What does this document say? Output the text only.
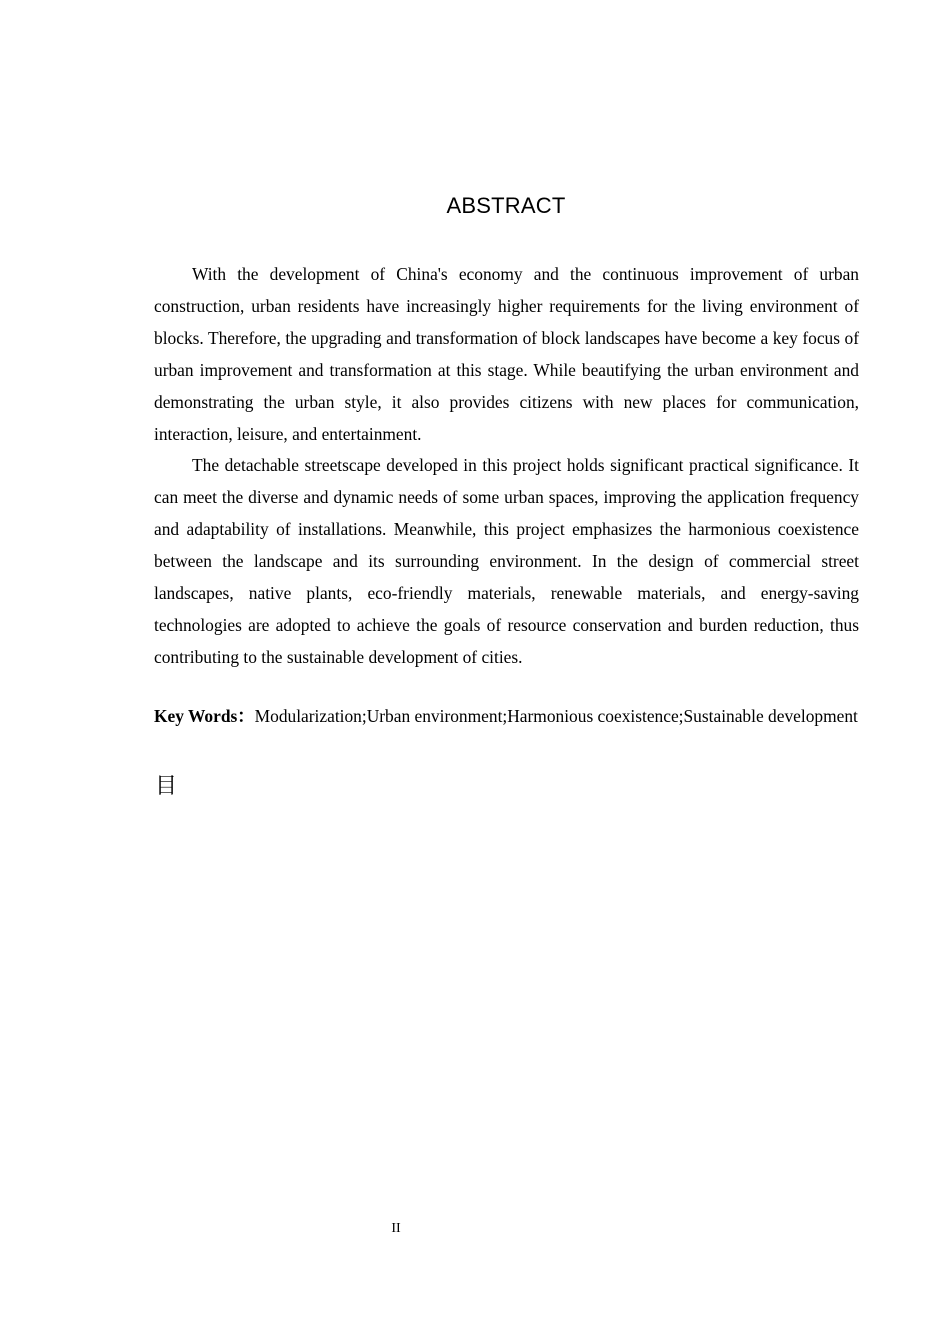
ABSTRACT

With the development of China's economy and the continuous improvement of urban construction, urban residents have increasingly higher requirements for the living environment of blocks. Therefore, the upgrading and transformation of block landscapes have become a key focus of urban improvement and transformation at this stage. While beautifying the urban environment and demonstrating the urban style, it also provides citizens with new places for communication, interaction, leisure, and entertainment.

The detachable streetscape developed in this project holds significant practical significance. It can meet the diverse and dynamic needs of some urban spaces, improving the application frequency and adaptability of installations. Meanwhile, this project emphasizes the harmonious coexistence between the landscape and its surrounding environment. In the design of commercial street landscapes, native plants, eco-friendly materials, renewable materials, and energy-saving technologies are adopted to achieve the goals of resource conservation and burden reduction, thus contributing to the sustainable development of cities.

Key Words：Modularization;Urban environment;Harmonious coexistence;Sustainable development

目

II
